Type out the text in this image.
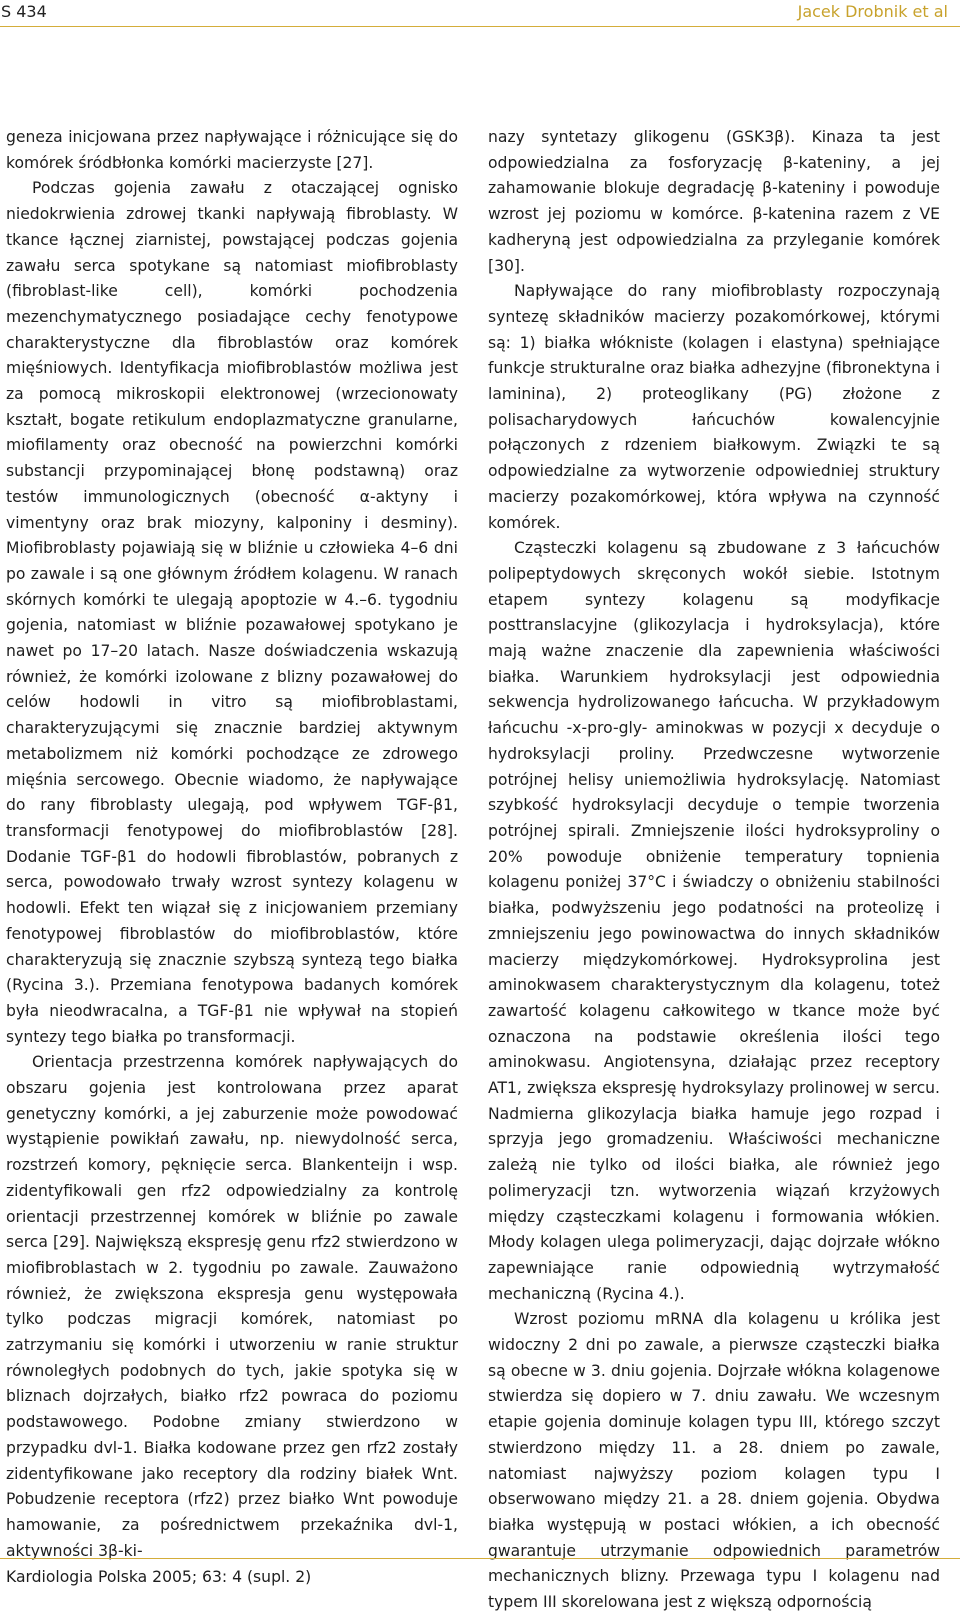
S 434	Jacek Drobnik et al

geneza inicjowana przez napływające i różnicujące się do komórek śródbłonka komórki macierzyste [27].

Podczas gojenia zawału z otaczającej ognisko niedokrwienia zdrowej tkanki napływają fibroblasty. W tkance łącznej ziarnistej, powstającej podczas gojenia zawału serca spotykane są natomiast miofibroblasty (fibroblast-like cell), komórki pochodzenia mezenchymatycznego posiadające cechy fenotypowe charakterystyczne dla fibroblastów oraz komórek mięśniowych. Identyfikacja miofibroblastów możliwa jest za pomocą mikroskopii elektronowej (wrzecionowaty kształt, bogate retikulum endoplazmatyczne granularne, miofilamenty oraz obecność na powierzchni komórki substancji przypominającej błonę podstawną) oraz testów immunologicznych (obecność α-aktyny i vimentyny oraz brak miozyny, kalponiny i desminy). Miofibroblasty pojawiają się w bliźnie u człowieka 4–6 dni po zawale i są one głównym źródłem kolagenu. W ranach skórnych komórki te ulegają apoptozie w 4.–6. tygodniu gojenia, natomiast w bliźnie pozawałowej spotykano je nawet po 17–20 latach. Nasze doświadczenia wskazują również, że komórki izolowane z blizny pozawałowej do celów hodowli in vitro są miofibroblastami, charakteryzującymi się znacznie bardziej aktywnym metabolizmem niż komórki pochodzące ze zdrowego mięśnia sercowego. Obecnie wiadomo, że napływające do rany fibroblasty ulegają, pod wpływem TGF-β1, transformacji fenotypowej do miofibroblastów [28]. Dodanie TGF-β1 do hodowli fibroblastów, pobranych z serca, powodowało trwały wzrost syntezy kolagenu w hodowli. Efekt ten wiązał się z inicjowaniem przemiany fenotypowej fibroblastów do miofibroblastów, które charakteryzują się znacznie szybszą syntezą tego białka (Rycina 3.). Przemiana fenotypowa badanych komórek była nieodwracalna, a TGF-β1 nie wpływał na stopień syntezy tego białka po transformacji.

Orientacja przestrzenna komórek napływających do obszaru gojenia jest kontrolowana przez aparat genetyczny komórki, a jej zaburzenie może powodować wystąpienie powikłań zawału, np. niewydolność serca, rozstrzeń komory, pęknięcie serca. Blankenteijn i wsp. zidentyfikowali gen rfz2 odpowiedzialny za kontrolę orientacji przestrzennej komórek w bliźnie po zawale serca [29]. Największą ekspresję genu rfz2 stwierdzono w miofibroblastach w 2. tygodniu po zawale. Zauważono również, że zwiększona ekspresja genu występowała tylko podczas migracji komórek, natomiast po zatrzymaniu się komórki i utworzeniu w ranie struktur równoległych podobnych do tych, jakie spotyka się w bliznach dojrzałych, białko rfz2 powraca do poziomu podstawowego. Podobne zmiany stwierdzono w przypadku dvl-1. Białka kodowane przez gen rfz2 zostały zidentyfikowane jako receptory dla rodziny białek Wnt. Pobudzenie receptora (rfz2) przez białko Wnt powoduje hamowanie, za pośrednictwem przekaźnika dvl-1, aktywności 3β-ki-

nazy syntetazy glikogenu (GSK3β). Kinaza ta jest odpowiedzialna za fosforyzację β-kateniny, a jej zahamowanie blokuje degradację β-kateniny i powoduje wzrost jej poziomu w komórce. β-katenina razem z VE kadheryną jest odpowiedzialna za przyleganie komórek [30].

Napływające do rany miofibroblasty rozpoczynają syntezę składników macierzy pozakomórkowej, którymi są: 1) białka włókniste (kolagen i elastyna) spełniające funkcje strukturalne oraz białka adhezyjne (fibronektyna i laminina), 2) proteoglikany (PG) złożone z polisacharydowych łańcuchów kowalencyjnie połączonych z rdzeniem białkowym. Związki te są odpowiedzialne za wytworzenie odpowiedniej struktury macierzy pozakomórkowej, która wpływa na czynność komórek.

Cząsteczki kolagenu są zbudowane z 3 łańcuchów polipeptydowych skręconych wokół siebie. Istotnym etapem syntezy kolagenu są modyfikacje posttranslacyjne (glikozylacja i hydroksylacja), które mają ważne znaczenie dla zapewnienia właściwości białka. Warunkiem hydroksylacji jest odpowiednia sekwencja hydrolizowanego łańcucha. W przykładowym łańcuchu -x-pro-gly- aminokwas w pozycji x decyduje o hydroksylacji proliny. Przedwczesne wytworzenie potrójnej helisy uniemożliwia hydroksylację. Natomiast szybkość hydroksylacji decyduje o tempie tworzenia potrójnej spirali. Zmniejszenie ilości hydroksyproliny o 20% powoduje obniżenie temperatury topnienia kolagenu poniżej 37°C i świadczy o obniżeniu stabilności białka, podwyższeniu jego podatności na proteolizę i zmniejszeniu jego powinowactwa do innych składników macierzy międzykomórkowej. Hydroksyprolina jest aminokwasem charakterystycznym dla kolagenu, toteż zawartość kolagenu całkowitego w tkance może być oznaczona na podstawie określenia ilości tego aminokwasu. Angiotensyna, działając przez receptory AT1, zwiększa ekspresję hydroksylazy prolinowej w sercu. Nadmierna glikozylacja białka hamuje jego rozpad i sprzyja jego gromadzeniu. Właściwości mechaniczne zależą nie tylko od ilości białka, ale również jego polimeryzacji tzn. wytworzenia wiązań krzyżowych między cząsteczkami kolagenu i formowania włókien. Młody kolagen ulega polimeryzacji, dając dojrzałe włókno zapewniające ranie odpowiednią wytrzymałość mechaniczną (Rycina 4.).

Wzrost poziomu mRNA dla kolagenu u królika jest widoczny 2 dni po zawale, a pierwsze cząsteczki białka są obecne w 3. dniu gojenia. Dojrzałe włókna kolagenowe stwierdza się dopiero w 7. dniu zawału. We wczesnym etapie gojenia dominuje kolagen typu III, którego szczyt stwierdzono między 11. a 28. dniem po zawale, natomiast najwyższy poziom kolagen typu I obserwowano między 21. a 28. dniem gojenia. Obydwa białka występują w postaci włókien, a ich obecność gwarantuje utrzymanie odpowiednich parametrów mechanicznych blizny. Przewaga typu I kolagenu nad typem III skorelowana jest z większą odpornością

Kardiologia Polska 2005; 63: 4 (supl. 2)
